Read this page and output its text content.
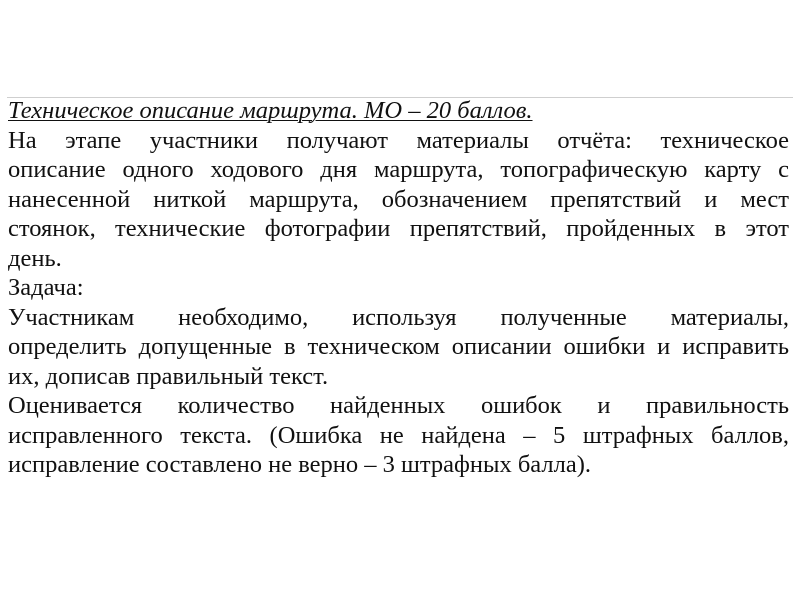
Техническое описание маршрута. МО – 20 баллов.

На этапе участники получают материалы отчёта: техническое

описание одного ходового дня маршрута, топографическую карту с

нанесенной ниткой маршрута, обозначением препятствий и мест

стоянок, технические фотографии препятствий, пройденных в этот

день.

Задача:

Участникам необходимо, используя полученные материалы,

определить допущенные в техническом описании ошибки и исправить

их, дописав правильный текст.

Оценивается количество найденных ошибок и правильность

исправленного текста. (Ошибка не найдена – 5 штрафных баллов,

исправление составлено не верно – 3 штрафных балла).
